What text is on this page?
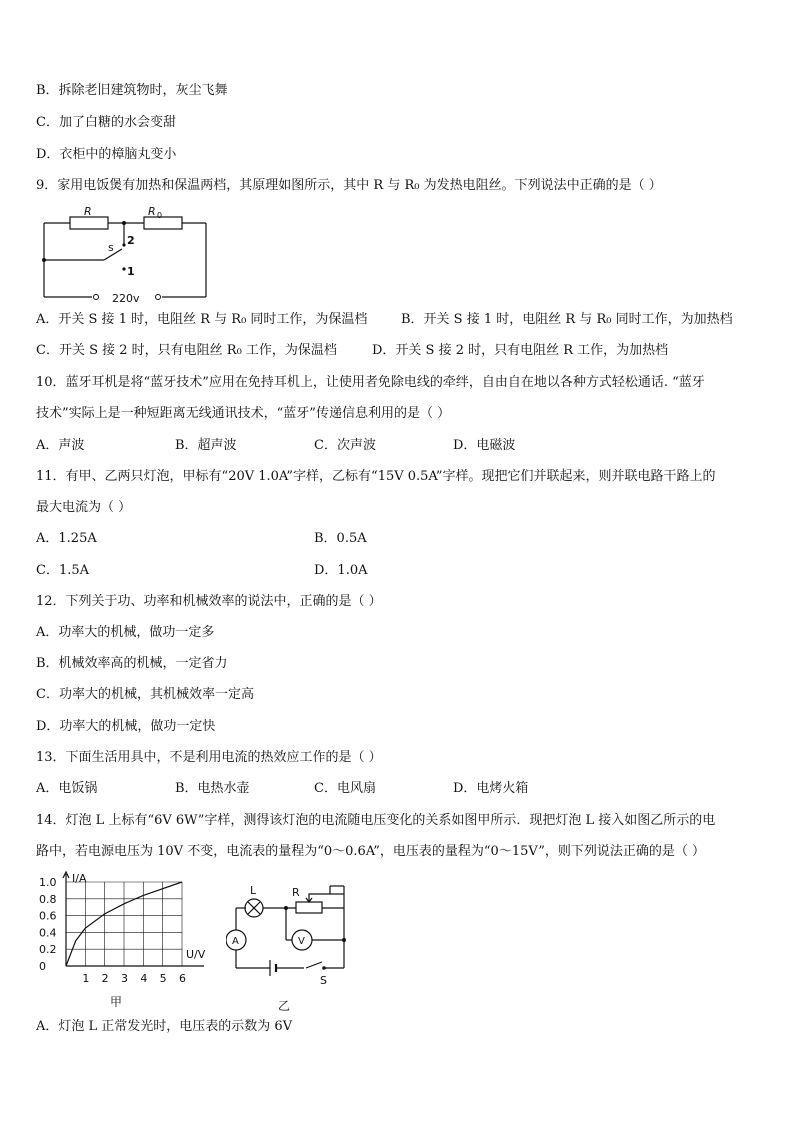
B．拆除老旧建筑物时，灰尘飞舞
C．加了白糖的水会变甜
D．衣柜中的樟脑丸变小
9．家用电饭煲有加热和保温两档，其原理如图所示，其中 R 与 R₀ 为发热电阻丝。下列说法中正确的是（ ）
R	R 0
s
2
1
220v
A．开关 S 接 1 时，电阻丝 R 与 R₀ 同时工作，为保温档	B．开关 S 接 1 时，电阻丝 R 与 R₀ 同时工作，为加热档
C．开关 S 接 2 时，只有电阻丝 R₀ 工作，为保温档	D．开关 S 接 2 时，只有电阻丝 R 工作，为加热档
10．蓝牙耳机是将“蓝牙技术”应用在免持耳机上，让使用者免除电线的牵绊，自由自在地以各种方式轻松通话. “蓝牙
技术”实际上是一种短距离无线通讯技术，“蓝牙”传递信息利用的是（ ）
A．声波	B．超声波	C．次声波	D．电磁波
11．有甲、乙两只灯泡，甲标有“20V 1.0A”字样，乙标有“15V 0.5A”字样。现把它们并联起来，则并联电路干路上的
最大电流为（ ）
A．1.25A	B．0.5A
C．1.5A	D．1.0A
12．下列关于功、功率和机械效率的说法中，正确的是（ ）
A．功率大的机械，做功一定多
B．机械效率高的机械，一定省力
C．功率大的机械，其机械效率一定高
D．功率大的机械，做功一定快
13．下面生活用具中，不是利用电流的热效应工作的是（ ）
A．电饭锅	B．电热水壶	C．电风扇	D．电烤火箱
14．灯泡 L 上标有“6V 6W”字样，测得该灯泡的电流随电压变化的关系如图甲所示．现把灯泡 L 接入如图乙所示的电
路中，若电源电压为 10V 不变，电流表的量程为“0～0.6A”，电压表的量程为“0～15V”，则下列说法正确的是（ ）
1.0
0.8
0.6
0.4
0.2
0
1 2 3 4 5 6
I/A
U/V
甲
L	R
A	V
S
乙
A．灯泡 L 正常发光时，电压表的示数为 6V
